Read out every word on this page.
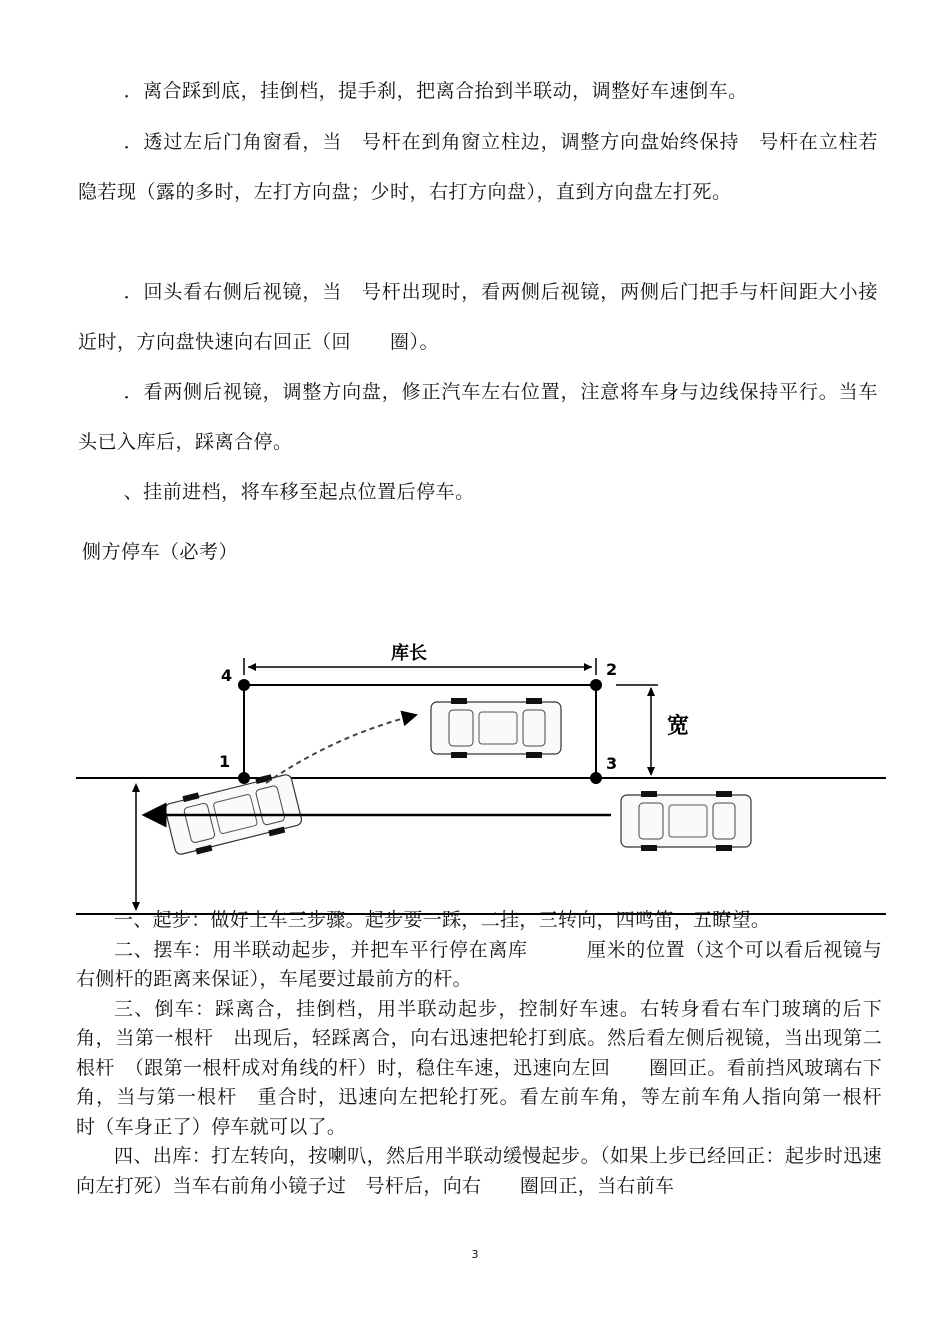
．离合踩到底，挂倒档，提手刹，把离合抬到半联动，调整好车速倒车。
．透过左后门角窗看，当　号杆在到角窗立柱边，调整方向盘始终保持　号杆在立柱若隐若现（露的多时，左打方向盘；少时，右打方向盘），直到方向盘左打死。
．回头看右侧后视镜，当　号杆出现时，看两侧后视镜，两侧后门把手与杆间距大小接近时，方向盘快速向右回正（回　　圈）。
．看两侧后视镜，调整方向盘，修正汽车左右位置，注意将车身与边线保持平行。当车头已入库后，踩离合停。
、挂前进档，将车移至起点位置后停车。
侧方停车（必考）
库长
宽
4	2
1	3

一、起步：做好上车三步骤。起步要一踩，二挂，三转向，四鸣笛，五瞭望。

二、摆车：用半联动起步，并把车平行停在离库　　　厘米的位置（这个可以看后视镜与右侧杆的距离来保证），车尾要过最前方的杆。

三、倒车：踩离合，挂倒档，用半联动起步，控制好车速。右转身看右车门玻璃的后下角，当第一根杆　出现后，轻踩离合，向右迅速把轮打到底。然后看左侧后视镜，当出现第二根杆　（跟第一根杆成对角线的杆）时，稳住车速，迅速向左回　　圈回正。看前挡风玻璃右下角，当与第一根杆　重合时，迅速向左把轮打死。看左前车角，等左前车角人指向第一根杆　时（车身正了）停车就可以了。

四、出库：打左转向，按喇叭，然后用半联动缓慢起步。（如果上步已经回正：起步时迅速向左打死）当车右前角小镜子过　号杆后，向右　　圈回正，当右前车

3
